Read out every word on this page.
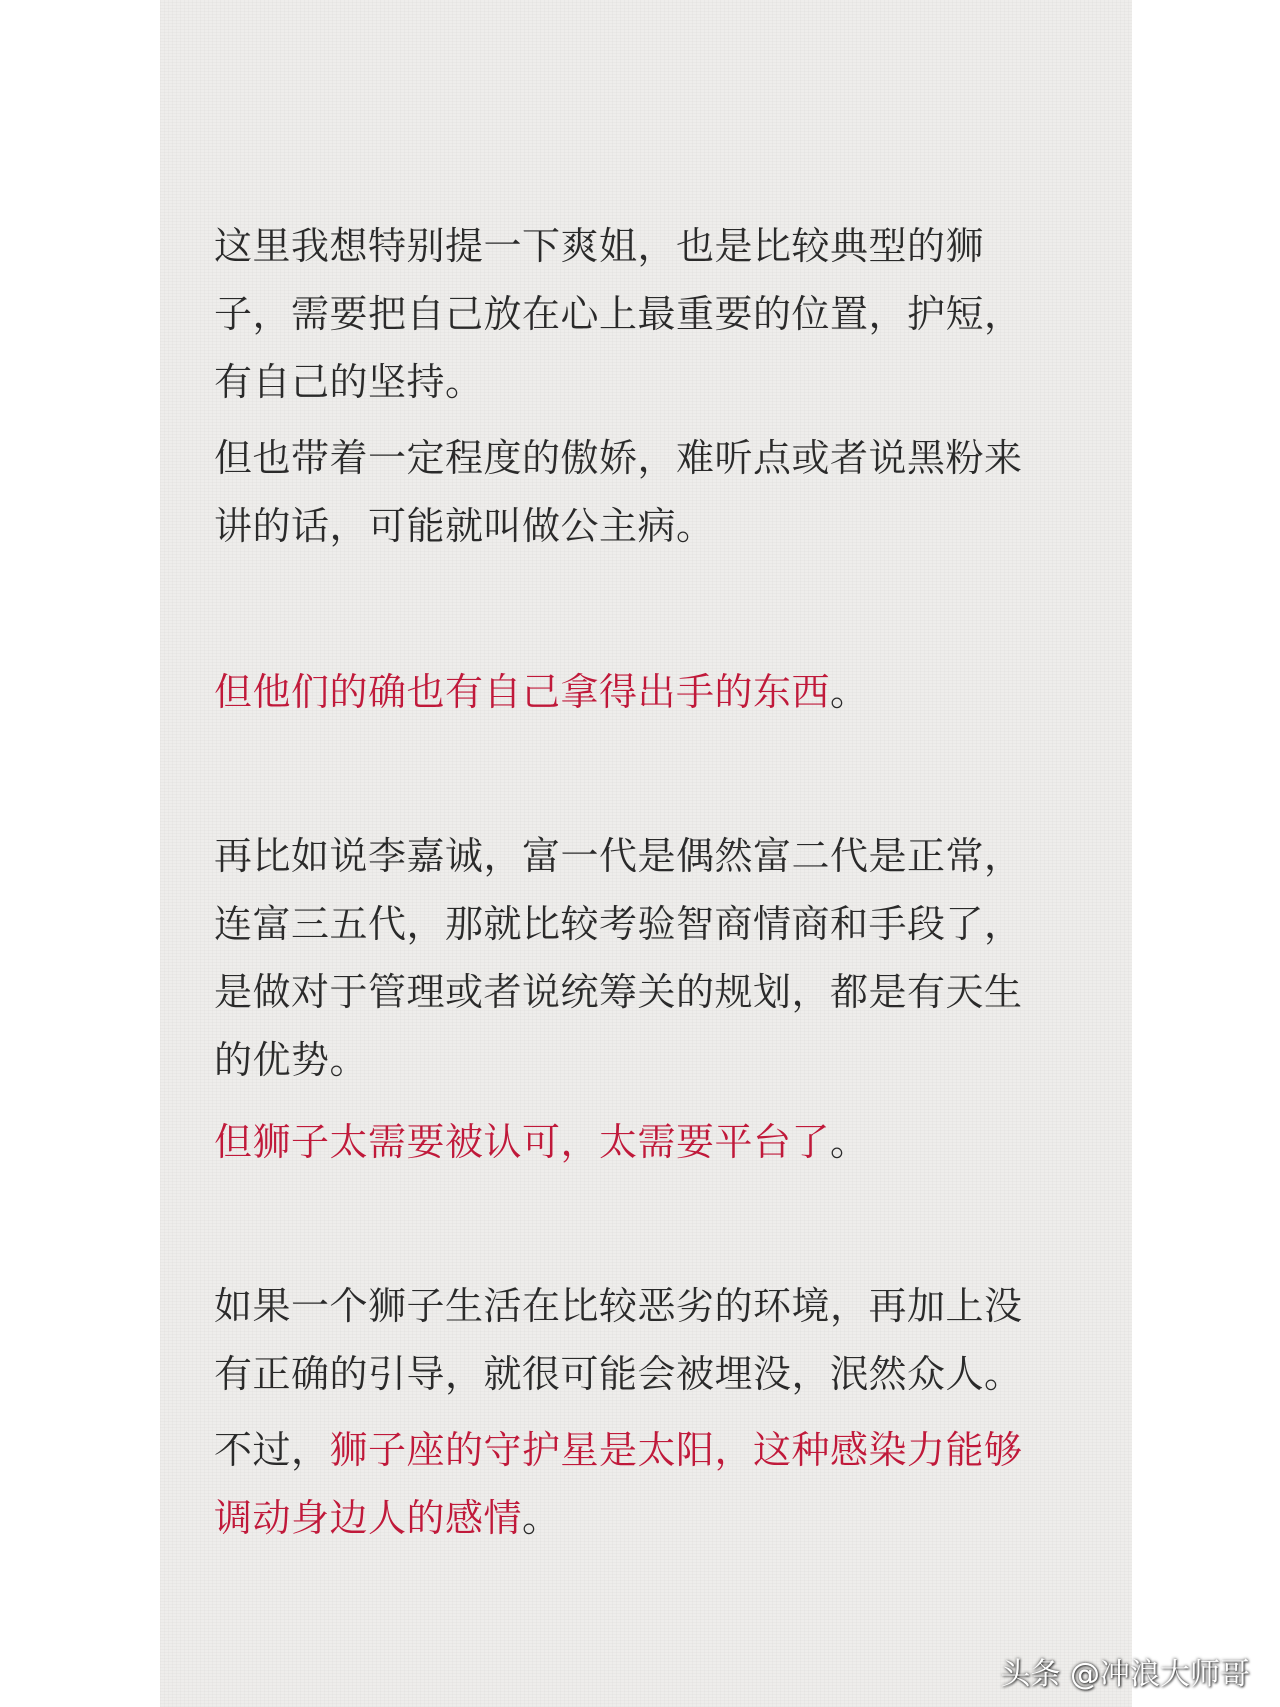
这里我想特别提一下爽姐，也是比较典型的狮
子，需要把自己放在心上最重要的位置，护短，
有自己的坚持。

但也带着一定程度的傲娇，难听点或者说黑粉来
讲的话，可能就叫做公主病。

但他们的确也有自己拿得出手的东西。

再比如说李嘉诚，富一代是偶然富二代是正常，
连富三五代，那就比较考验智商情商和手段了，
是做对于管理或者说统筹关的规划，都是有天生
的优势。

但狮子太需要被认可，太需要平台了。

如果一个狮子生活在比较恶劣的环境，再加上没
有正确的引导，就很可能会被埋没，泯然众人。

不过，狮子座的守护星是太阳，这种感染力能够
调动身边人的感情。

头条 @冲浪大师哥
